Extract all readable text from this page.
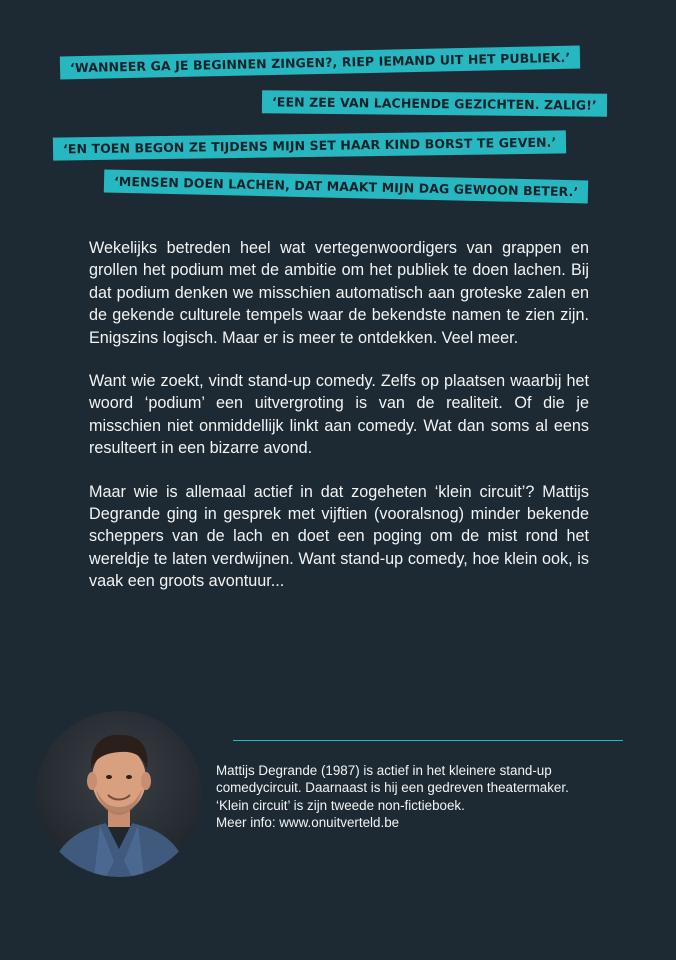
‘WANNEER GA JE BEGINNEN ZINGEN?, RIEP IEMAND UIT HET PUBLIEK.’
‘EEN ZEE VAN LACHENDE GEZICHTEN. ZALIG!’
‘EN TOEN BEGON ZE TIJDENS MIJN SET HAAR KIND BORST TE GEVEN.’
‘MENSEN DOEN LACHEN, DAT MAAKT MIJN DAG GEWOON BETER.’

Wekelijks betreden heel wat vertegenwoordigers van grappen en grollen het podium met de ambitie om het publiek te doen lachen. Bij dat podium denken we misschien automatisch aan groteske zalen en de gekende culturele tempels waar de bekendste namen te zien zijn. Enigszins logisch. Maar er is meer te ontdekken. Veel meer.

Want wie zoekt, vindt stand-up comedy. Zelfs op plaatsen waarbij het woord ‘podium’ een uitvergroting is van de realiteit. Of die je misschien niet onmiddellijk linkt aan comedy. Wat dan soms al eens resulteert in een bizarre avond.

Maar wie is allemaal actief in dat zogeheten ‘klein circuit’? Mattijs Degrande ging in gesprek met vijftien (vooralsnog) minder bekende scheppers van de lach en doet een poging om de mist rond het wereldje te laten verdwijnen. Want stand-up comedy, hoe klein ook, is vaak een groots avontuur...

Mattijs Degrande (1987) is actief in het kleinere stand-up
comedycircuit. Daarnaast is hij een gedreven theatermaker.
‘Klein circuit’ is zijn tweede non-fictieboek.
Meer info: www.onuitverteld.be
